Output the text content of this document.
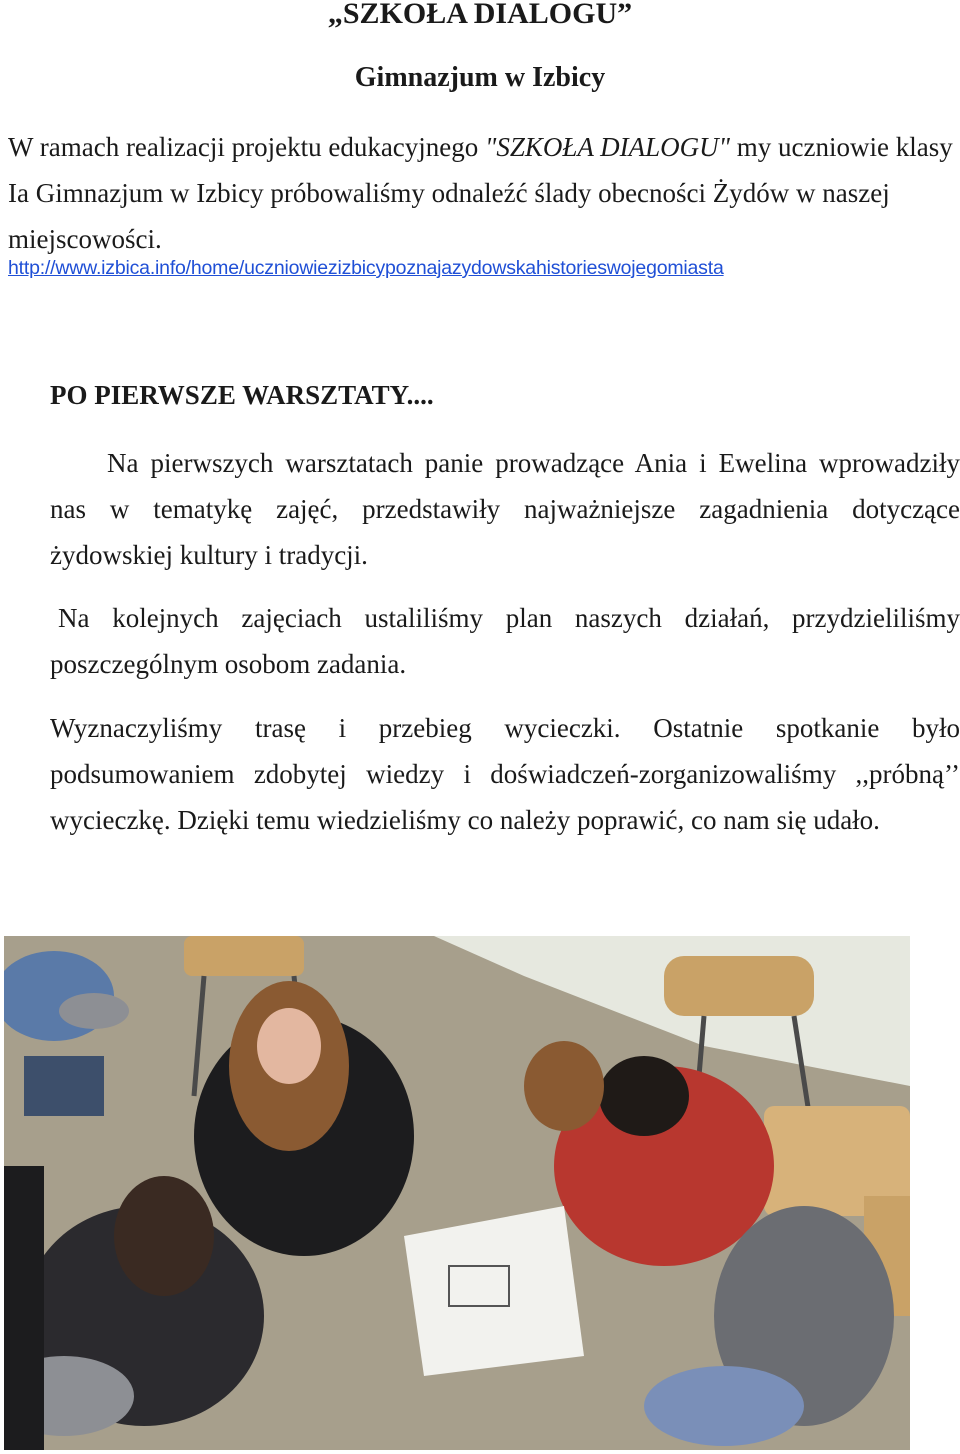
„SZKOŁA DIALOGU”
Gimnazjum w Izbicy

W ramach realizacji projektu edukacyjnego "SZKOŁA DIALOGU" my uczniowie klasy Ia Gimnazjum w Izbicy próbowaliśmy odnaleźć ślady obecności Żydów w naszej miejscowości.

http://www.izbica.info/home/uczniowiezizbicypoznajazydowskahistorieswojegomiasta
PO PIERWSZE WARSZTATY....

Na pierwszych warsztatach panie prowadzące Ania i Ewelina wprowadziły nas w tematykę zajęć, przedstawiły najważniejsze zagadnienia dotyczące żydowskiej kultury i tradycji.

Na kolejnych zajęciach ustaliliśmy plan naszych działań, przydzieliliśmy poszczególnym osobom zadania.

Wyznaczyliśmy trasę i przebieg wycieczki. Ostatnie spotkanie było podsumowaniem zdobytej wiedzy i doświadczeń-zorganizowaliśmy ,,próbną’’ wycieczkę. Dzięki temu wiedzieliśmy co należy poprawić, co nam się udało.
